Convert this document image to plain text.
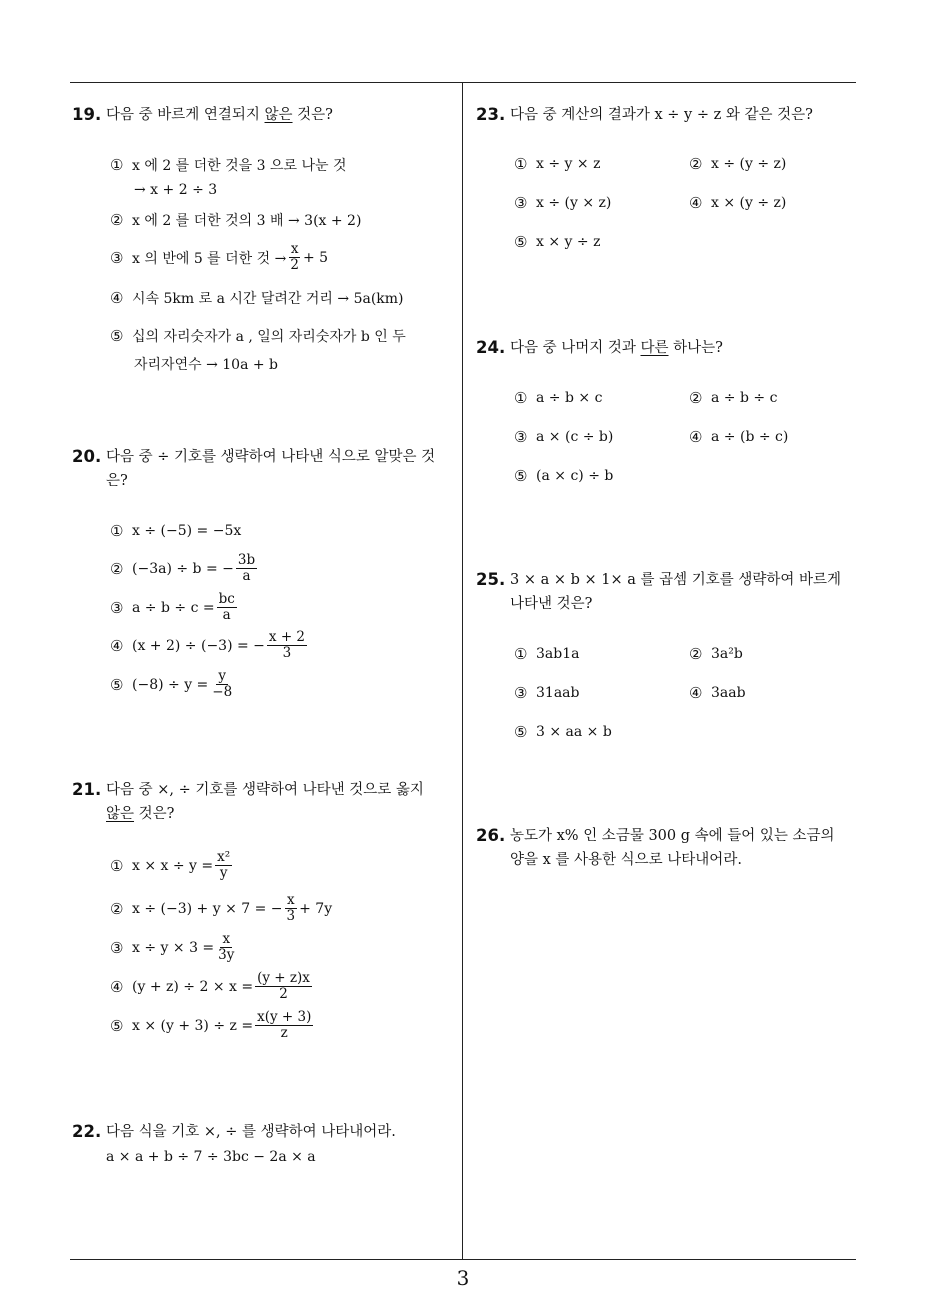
3
19. 다음 중 바르게 연결되지 않은 것은?
① x 에 2 를 더한 것을 3 으로 나눈 것
→ x + 2 ÷ 3
② x 에 2 를 더한 것의 3 배 → 3(x + 2)
③ x 의 반에 5 를 더한 것 → $\frac{x}{2} + 5$
④ 시속 5km 로 a 시간 달려간 거리 → 5a(km)
⑤ 십의 자리숫자가 a , 일의 자리숫자가 b 인 두
자리자연수 → 10a + b
20. 다음 중 ÷ 기호를 생략하여 나타낸 식으로 알맞은 것
은?
① x ÷ (−5) = −5x
② (−3a) ÷ b = − $\frac{3b}{a}$
③ $a \div b \div c = \frac{bc}{a}$
④ (x + 2) ÷ (−3) = − $\frac{x + 2}{3}$
⑤ $(-8) \div y = \frac{y}{-8}$
21. 다음 중 ×, ÷ 기호를 생략하여 나타낸 것으로 옳지
않은 것은?
① $x \times x \div y = \frac{\text{x²}}{y}$
② x ÷ (−3) + y × 7 = − $\frac{x}{3} + 7y$
③ $x \div y \times 3 = \frac{x}{3y}$
④ $(y + z) \div 2 \times x = \frac{(y + z)x}{2}$
⑤ $x \times (y + 3) \div z = \frac{x(y + 3)}{z}$
22. 다음 식을 기호 ×, ÷ 를 생략하여 나타내어라.
a × a + b ÷ 7 ÷ 3bc − 2a × a
23. 다음 중 계산의 결과가 x ÷ y ÷ z 와 같은 것은?
① x ÷ y × z	② x ÷ (y ÷ z)
③ x ÷ (y × z)	④ x × (y ÷ z)
⑤ x × y ÷ z
24. 다음 중 나머지 것과 다른 하나는?
① a ÷ b × c	② a ÷ b ÷ c
③ a × (c ÷ b)	④ a ÷ (b ÷ c)
⑤ (a × c) ÷ b
25. 3 × a × b × 1× a 를 곱셈 기호를 생략하여 바르게
나타낸 것은?
① 3ab1a	② 3a²b
③ 31aab	④ 3aab
⑤ 3 × aa × b
26. 농도가 x% 인 소금물 300 g 속에 들어 있는 소금의
양을 x 를 사용한 식으로 나타내어라.
